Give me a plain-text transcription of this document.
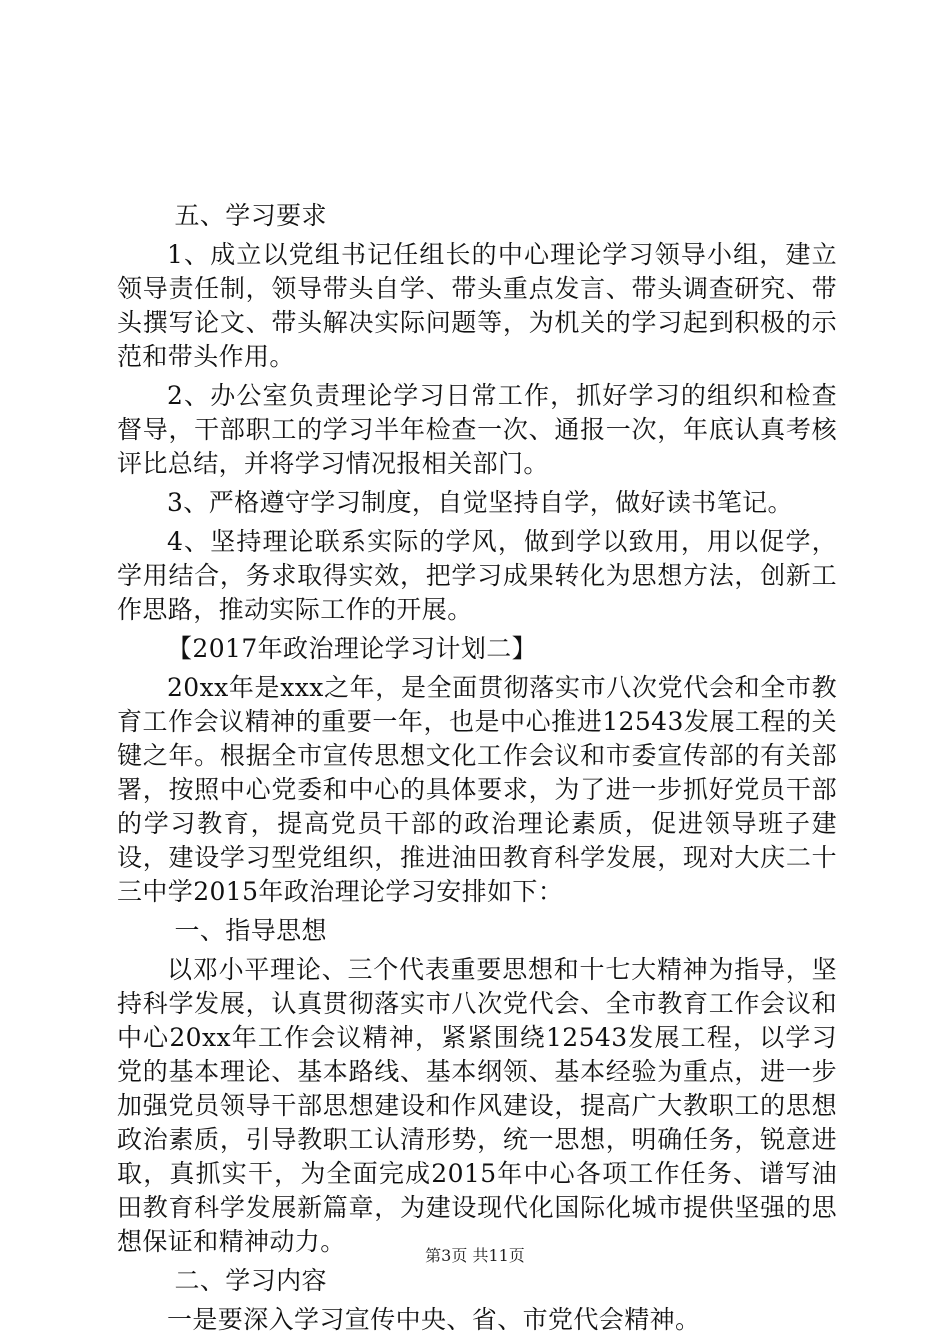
五、学习要求

1、成立以党组书记任组长的中心理论学习领导小组，建立领导责任制，领导带头自学、带头重点发言、带头调查研究、带头撰写论文、带头解决实际问题等，为机关的学习起到积极的示范和带头作用。

2、办公室负责理论学习日常工作，抓好学习的组织和检查督导，干部职工的学习半年检查一次、通报一次，年底认真考核评比总结，并将学习情况报相关部门。

3、严格遵守学习制度，自觉坚持自学，做好读书笔记。

4、坚持理论联系实际的学风，做到学以致用，用以促学，学用结合，务求取得实效，把学习成果转化为思想方法，创新工作思路，推动实际工作的开展。

【2017年政治理论学习计划二】

20xx年是xxx之年，是全面贯彻落实市八次党代会和全市教育工作会议精神的重要一年，也是中心推进12543发展工程的关键之年。根据全市宣传思想文化工作会议和市委宣传部的有关部署，按照中心党委和中心的具体要求，为了进一步抓好党员干部的学习教育，提高党员干部的政治理论素质，促进领导班子建设，建设学习型党组织，推进油田教育科学发展，现对大庆二十三中学2015年政治理论学习安排如下：

一、指导思想

以邓小平理论、三个代表重要思想和十七大精神为指导，坚持科学发展，认真贯彻落实市八次党代会、全市教育工作会议和中心20xx年工作会议精神，紧紧围绕12543发展工程，以学习党的基本理论、基本路线、基本纲领、基本经验为重点，进一步加强党员领导干部思想建设和作风建设，提高广大教职工的思想政治素质，引导教职工认清形势，统一思想，明确任务，锐意进取，真抓实干，为全面完成2015年中心各项工作任务、谱写油田教育科学发展新篇章，为建设现代化国际化城市提供坚强的思想保证和精神动力。

二、学习内容

一是要深入学习宣传中央、省、市党代会精神。

第3页 共11页
